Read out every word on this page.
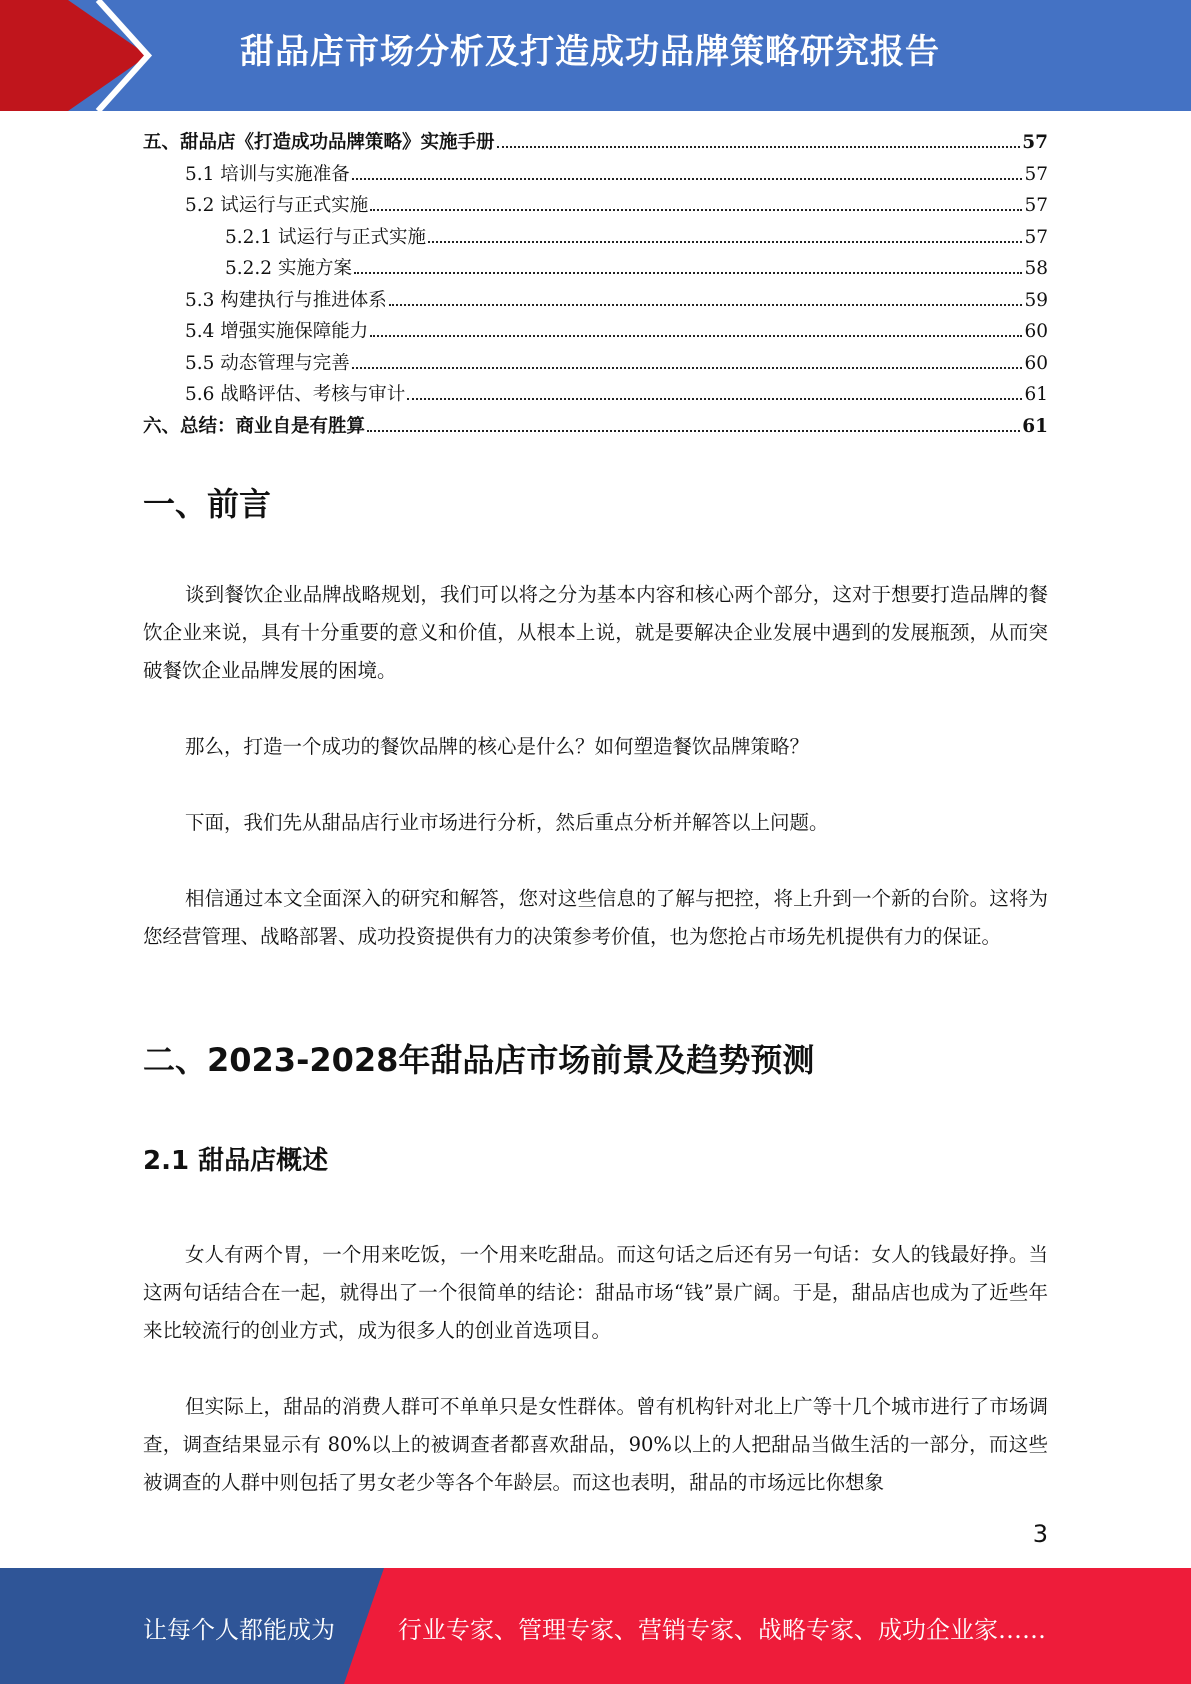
甜品店市场分析及打造成功品牌策略研究报告
五、甜品店《打造成功品牌策略》实施手册	57
5.1 培训与实施准备	57
5.2 试运行与正式实施	57
5.2.1 试运行与正式实施	57
5.2.2 实施方案	58
5.3 构建执行与推进体系	59
5.4 增强实施保障能力	60
5.5 动态管理与完善	60
5.6 战略评估、考核与审计	61
六、总结：商业自是有胜算	61
一、前言

谈到餐饮企业品牌战略规划，我们可以将之分为基本内容和核心两个部分，这对于想要打造品牌的餐饮企业来说，具有十分重要的意义和价值，从根本上说，就是要解决企业发展中遇到的发展瓶颈，从而突破餐饮企业品牌发展的困境。

那么，打造一个成功的餐饮品牌的核心是什么？如何塑造餐饮品牌策略？

下面，我们先从甜品店行业市场进行分析，然后重点分析并解答以上问题。

相信通过本文全面深入的研究和解答，您对这些信息的了解与把控，将上升到一个新的台阶。这将为您经营管理、战略部署、成功投资提供有力的决策参考价值，也为您抢占市场先机提供有力的保证。

二、2023-2028年甜品店市场前景及趋势预测
2.1 甜品店概述

女人有两个胃，一个用来吃饭，一个用来吃甜品。而这句话之后还有另一句话：女人的钱最好挣。当这两句话结合在一起，就得出了一个很简单的结论：甜品市场“钱”景广阔。于是，甜品店也成为了近些年来比较流行的创业方式，成为很多人的创业首选项目。

但实际上，甜品的消费人群可不单单只是女性群体。曾有机构针对北上广等十几个城市进行了市场调查，调查结果显示有 80%以上的被调查者都喜欢甜品，90%以上的人把甜品当做生活的一部分，而这些被调查的人群中则包括了男女老少等各个年龄层。而这也表明，甜品的市场远比你想象

3
让每个人都能成为	行业专家、管理专家、营销专家、战略专家、成功企业家……
